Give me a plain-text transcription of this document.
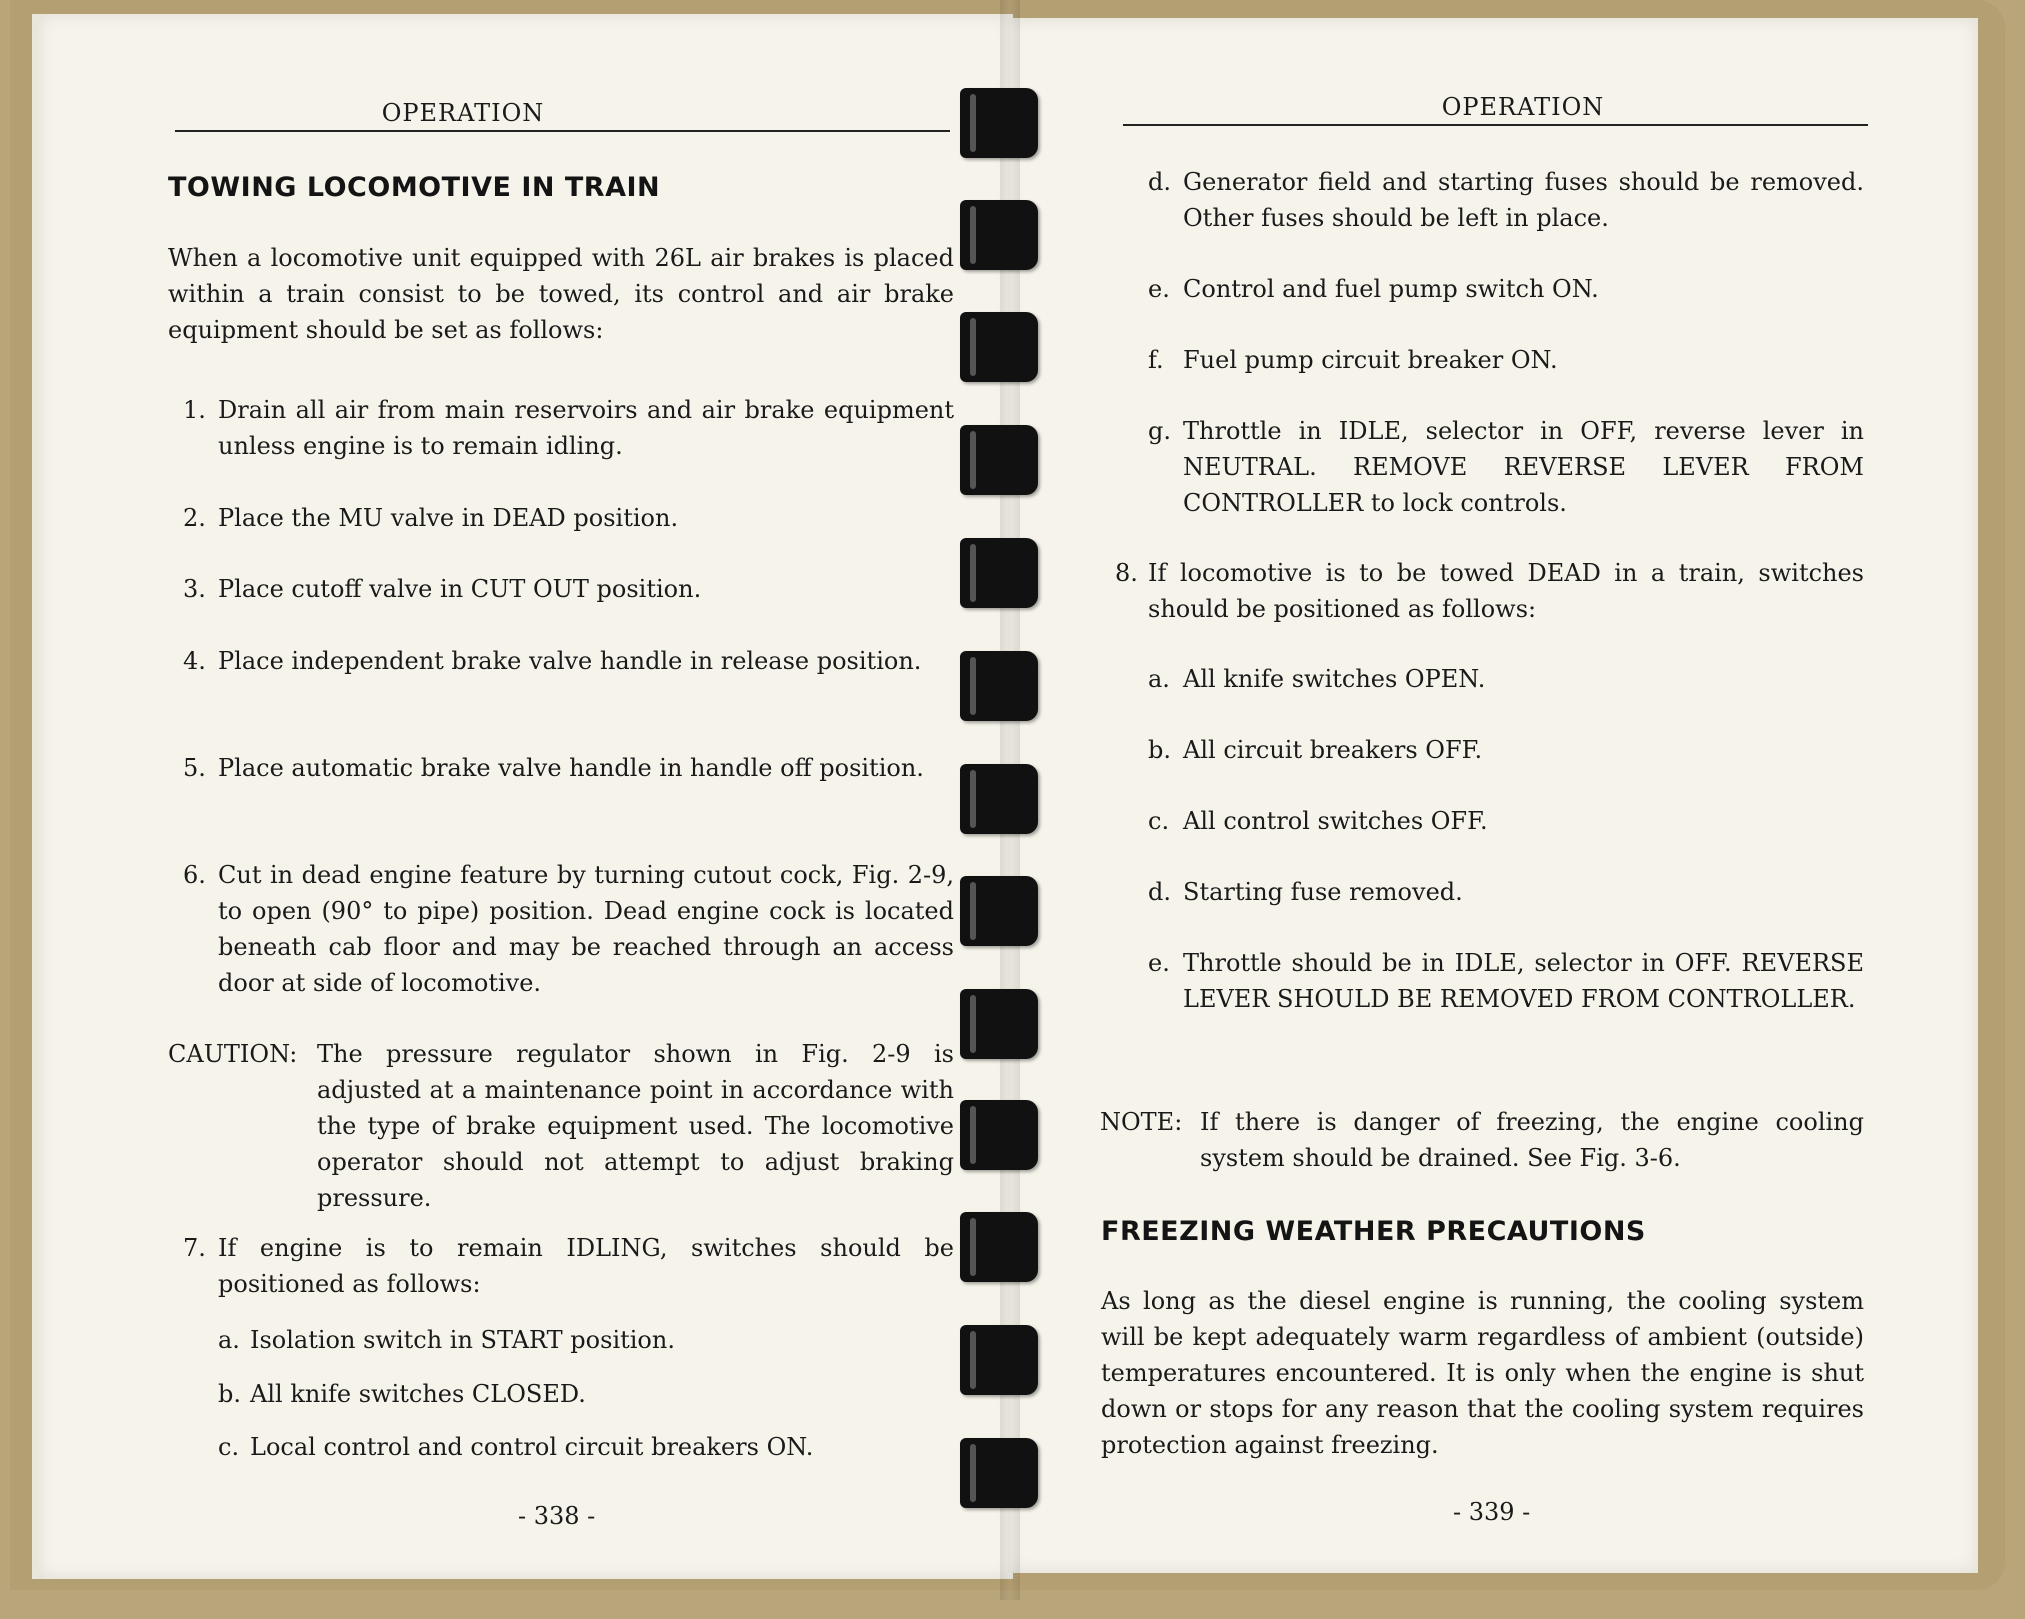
OPERATION
TOWING LOCOMOTIVE IN TRAIN
When a locomotive unit equipped with 26L air brakes is placed within a train consist to be towed, its control and air brake equipment should be set as follows:
1. Drain all air from main reservoirs and air brake equipment unless engine is to remain idling.
2. Place the MU valve in DEAD position.
3. Place cutoff valve in CUT OUT position.
4. Place independent brake valve handle in release position.
5. Place automatic brake valve handle in handle off position.
6. Cut in dead engine feature by turning cutout cock, Fig. 2-9, to open (90° to pipe) position. Dead engine cock is located beneath cab floor and may be reached through an access door at side of locomotive.
CAUTION: The pressure regulator shown in Fig. 2-9 is adjusted at a maintenance point in accordance with the type of brake equipment used. The locomotive operator should not attempt to adjust braking pressure.
7. If engine is to remain IDLING, switches should be positioned as follows:
a. Isolation switch in START position.
b. All knife switches CLOSED.
c. Local control and control circuit breakers ON.
- 338 -
OPERATION
d. Generator field and starting fuses should be removed. Other fuses should be left in place.
e. Control and fuel pump switch ON.
f. Fuel pump circuit breaker ON.
g. Throttle in IDLE, selector in OFF, reverse lever in NEUTRAL. REMOVE REVERSE LEVER FROM CONTROLLER to lock controls.
8. If locomotive is to be towed DEAD in a train, switches should be positioned as follows:
a. All knife switches OPEN.
b. All circuit breakers OFF.
c. All control switches OFF.
d. Starting fuse removed.
e. Throttle should be in IDLE, selector in OFF. REVERSE LEVER SHOULD BE REMOVED FROM CONTROLLER.
NOTE: If there is danger of freezing, the engine cooling system should be drained. See Fig. 3-6.
FREEZING WEATHER PRECAUTIONS
As long as the diesel engine is running, the cooling system will be kept adequately warm regardless of ambient (outside) temperatures encountered. It is only when the engine is shut down or stops for any reason that the cooling system requires protection against freezing.
- 339 -
